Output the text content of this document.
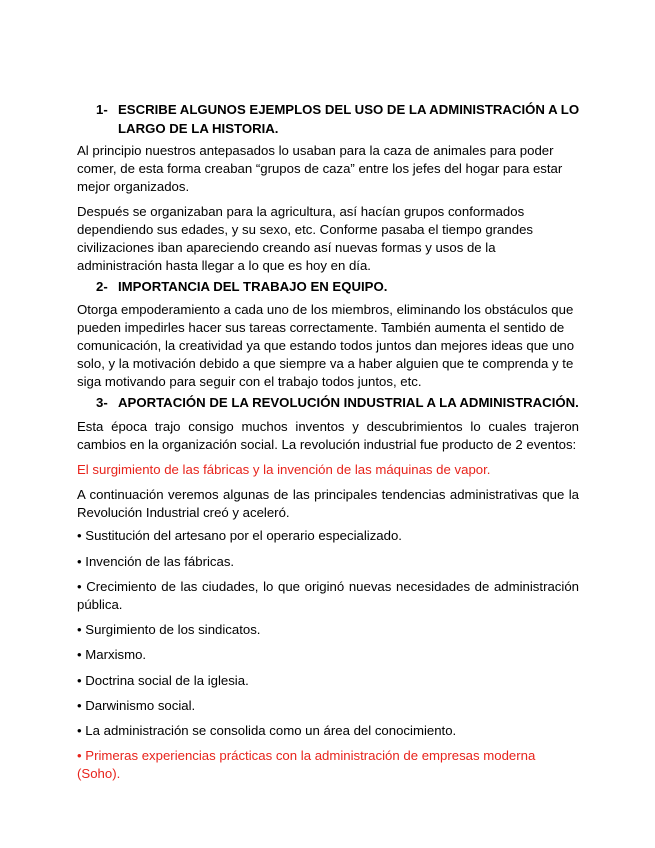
1- ESCRIBE ALGUNOS EJEMPLOS DEL USO DE LA ADMINISTRACIÓN A LO LARGO DE LA HISTORIA.

Al principio nuestros antepasados lo usaban para la caza de animales para poder comer, de esta forma creaban “grupos de caza” entre los jefes del hogar para estar mejor organizados.

Después se organizaban para la agricultura, así hacían grupos conformados dependiendo sus edades, y su sexo, etc. Conforme pasaba el tiempo grandes civilizaciones iban apareciendo creando así nuevas formas y usos de la administración hasta llegar a lo que es hoy en día.

2- IMPORTANCIA DEL TRABAJO EN EQUIPO.

Otorga empoderamiento a cada uno de los miembros, eliminando los obstáculos que pueden impedirles hacer sus tareas correctamente. También aumenta el sentido de comunicación, la creatividad ya que estando todos juntos dan mejores ideas que uno solo, y la motivación debido a que siempre va a haber alguien que te comprenda y te siga motivando para seguir con el trabajo todos juntos, etc.

3- APORTACIÓN DE LA REVOLUCIÓN INDUSTRIAL A LA ADMINISTRACIÓN.

Esta época trajo consigo muchos inventos y descubrimientos lo cuales trajeron cambios en la organización social. La revolución industrial fue producto de 2 eventos:

El surgimiento de las fábricas y la invención de las máquinas de vapor.

A continuación veremos algunas de las principales tendencias administrativas que la Revolución Industrial creó y aceleró.

• Sustitución del artesano por el operario especializado.

• Invención de las fábricas.

• Crecimiento de las ciudades, lo que originó nuevas necesidades de administración pública.

• Surgimiento de los sindicatos.

• Marxismo.

• Doctrina social de la iglesia.

• Darwinismo social.

• La administración se consolida como un área del conocimiento.

• Primeras experiencias prácticas con la administración de empresas moderna (Soho).
